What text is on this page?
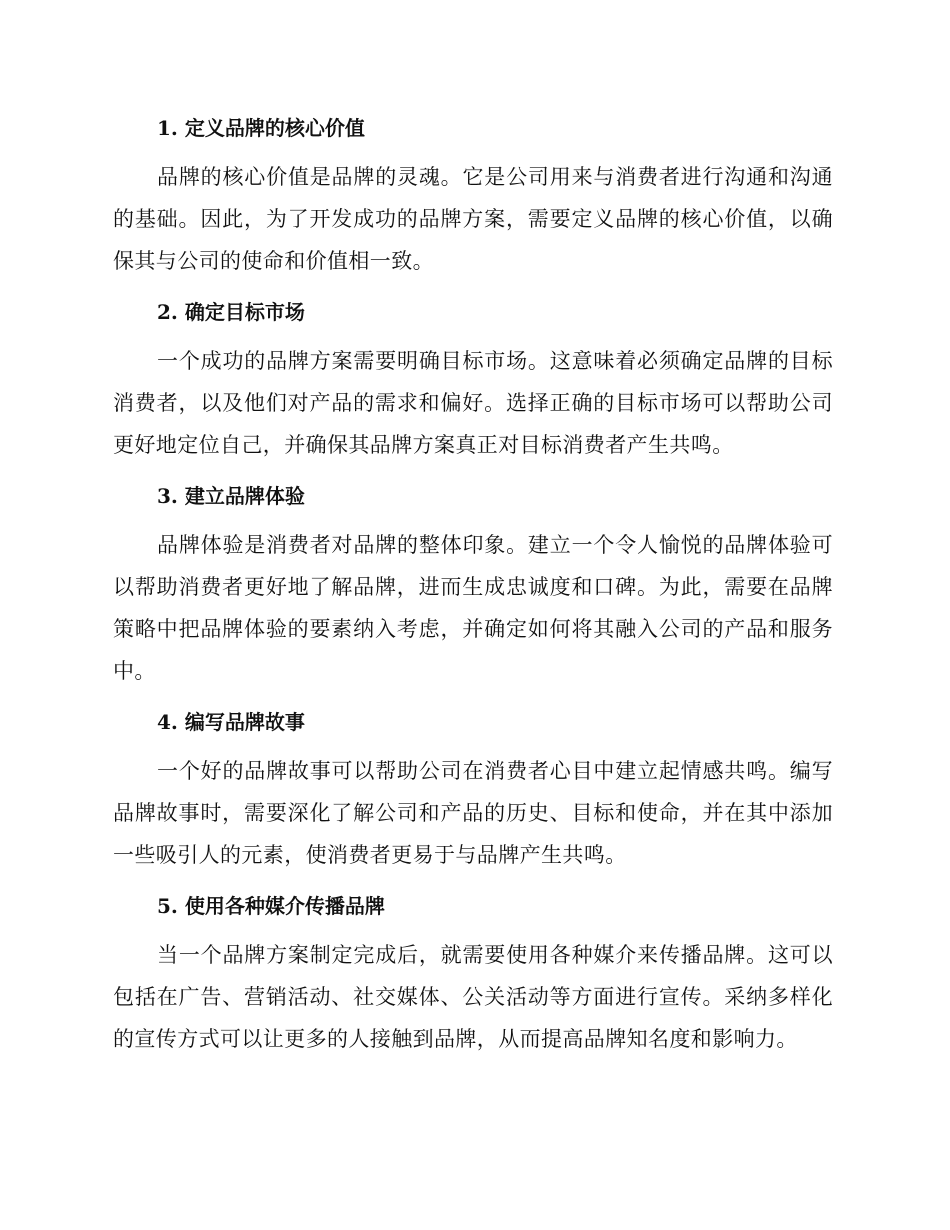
1. 定义品牌的核心价值

品牌的核心价值是品牌的灵魂。它是公司用来与消费者进行沟通和沟通的基础。因此，为了开发成功的品牌方案，需要定义品牌的核心价值，以确保其与公司的使命和价值相一致。

2. 确定目标市场

一个成功的品牌方案需要明确目标市场。这意味着必须确定品牌的目标消费者，以及他们对产品的需求和偏好。选择正确的目标市场可以帮助公司更好地定位自己，并确保其品牌方案真正对目标消费者产生共鸣。

3. 建立品牌体验

品牌体验是消费者对品牌的整体印象。建立一个令人愉悦的品牌体验可以帮助消费者更好地了解品牌，进而生成忠诚度和口碑。为此，需要在品牌策略中把品牌体验的要素纳入考虑，并确定如何将其融入公司的产品和服务中。

4. 编写品牌故事

一个好的品牌故事可以帮助公司在消费者心目中建立起情感共鸣。编写品牌故事时，需要深化了解公司和产品的历史、目标和使命，并在其中添加一些吸引人的元素，使消费者更易于与品牌产生共鸣。

5. 使用各种媒介传播品牌

当一个品牌方案制定完成后，就需要使用各种媒介来传播品牌。这可以包括在广告、营销活动、社交媒体、公关活动等方面进行宣传。采纳多样化的宣传方式可以让更多的人接触到品牌，从而提高品牌知名度和影响力。
